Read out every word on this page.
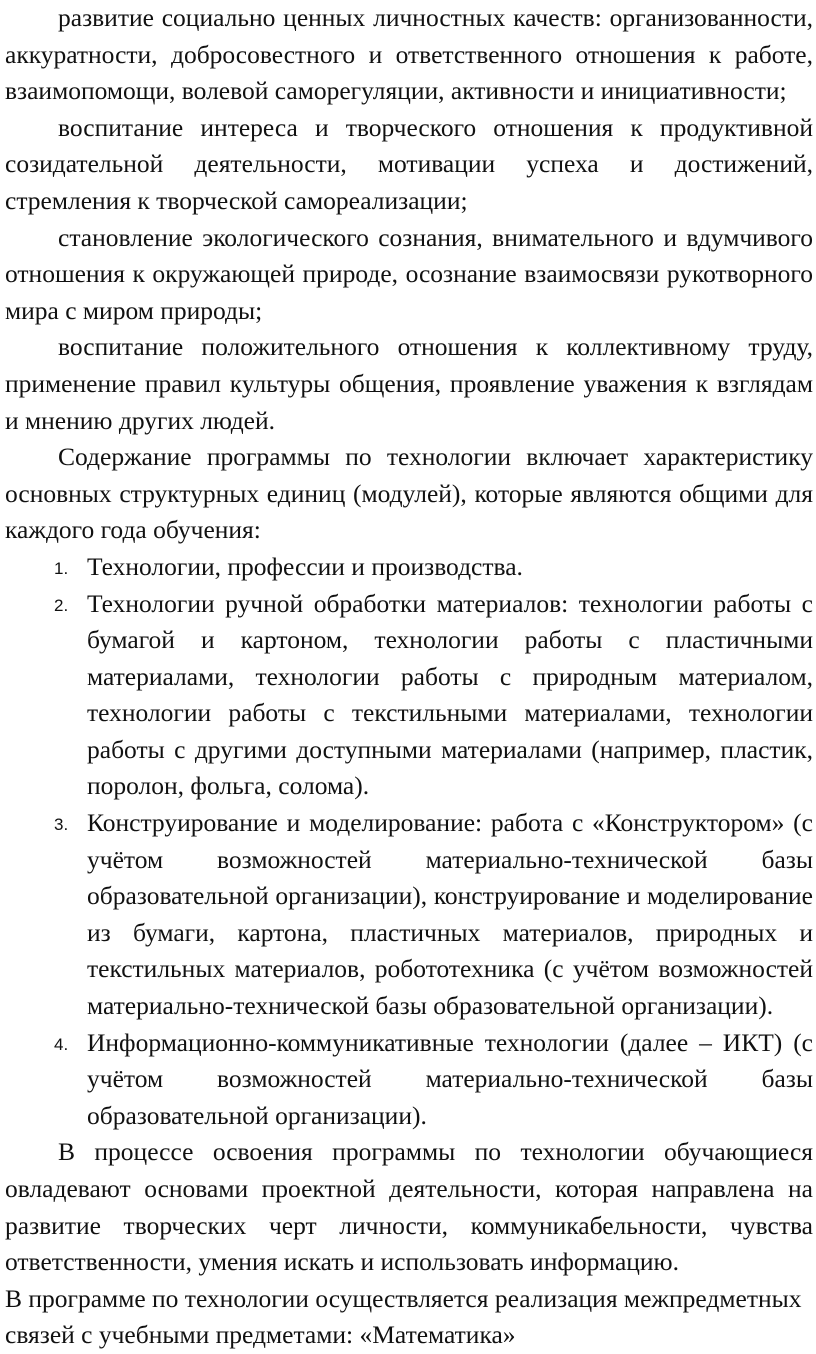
развитие социально ценных личностных качеств: организованности, аккуратности, добросовестного и ответственного отношения к работе, взаимопомощи, волевой саморегуляции, активности и инициативности;

воспитание интереса и творческого отношения к продуктивной созидательной деятельности, мотивации успеха и достижений, стремления к творческой самореализации;

становление экологического сознания, внимательного и вдумчивого отношения к окружающей природе, осознание взаимосвязи рукотворного мира с миром природы;

воспитание положительного отношения к коллективному труду, применение правил культуры общения, проявление уважения к взглядам и мнению других людей.

Содержание программы по технологии включает характеристику основных структурных единиц (модулей), которые являются общими для каждого года обучения:

1. Технологии, профессии и производства.
2. Технологии ручной обработки материалов: технологии работы с бумагой и картоном, технологии работы с пластичными материалами, технологии работы с природным материалом, технологии работы с текстильными материалами, технологии работы с другими доступными материалами (например, пластик, поролон, фольга, солома).
3. Конструирование и моделирование: работа с «Конструктором» (с учётом возможностей материально-технической базы образовательной организации), конструирование и моделирование из бумаги, картона, пластичных материалов, природных и текстильных материалов, робототехника (с учётом возможностей материально-технической базы образовательной организации).
4. Информационно-коммуникативные технологии (далее – ИКТ) (с учётом возможностей материально-технической базы образовательной организации).

В процессе освоения программы по технологии обучающиеся овладевают основами проектной деятельности, которая направлена на развитие творческих черт личности, коммуникабельности, чувства ответственности, умения искать и использовать информацию.

В программе по технологии осуществляется реализация межпредметных связей с учебными предметами: «Математика»
